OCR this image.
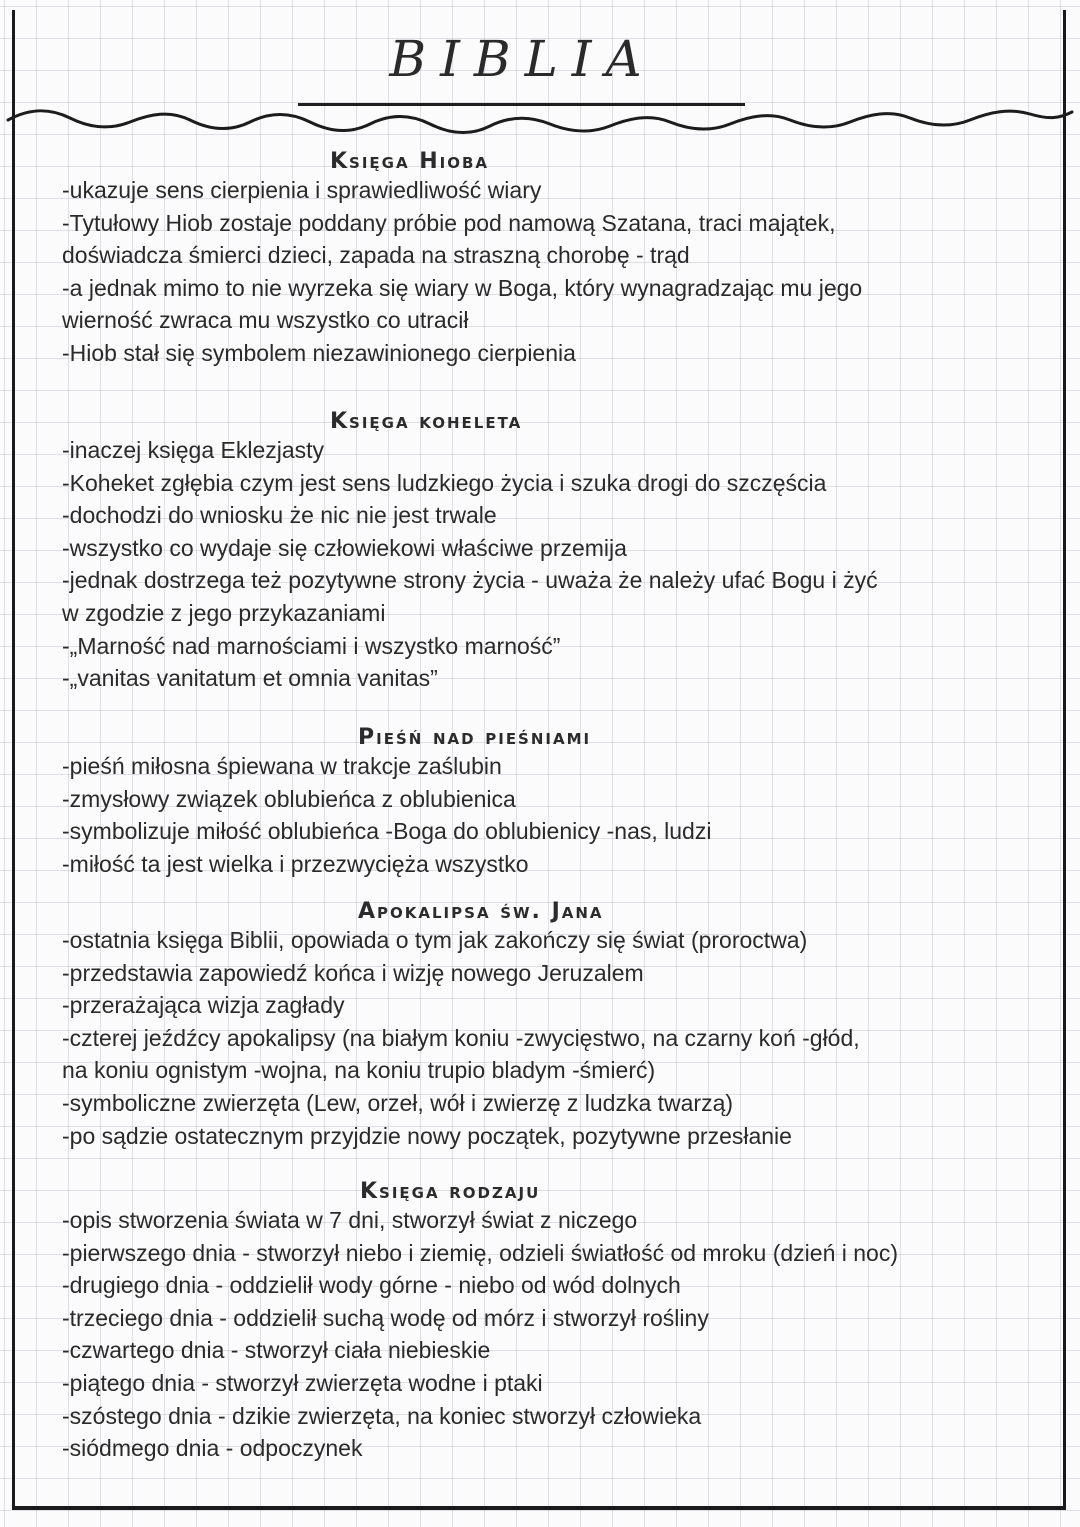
BIBLIA
Księga Hioba
-ukazuje sens cierpienia i sprawiedliwość wiary
-Tytułowy Hiob zostaje poddany próbie pod namową Szatana, traci majątek,
doświadcza śmierci dzieci, zapada na straszną chorobę - trąd
-a jednak mimo to nie wyrzeka się wiary w Boga, który wynagradzając mu jego
wierność zwraca mu wszystko co utracił
-Hiob stał się symbolem niezawinionego cierpienia
Księga koheleta
-inaczej księga Eklezjasty
-Koheket zgłębia czym jest sens ludzkiego życia i szuka drogi do szczęścia
-dochodzi do wniosku że nic nie jest trwale
-wszystko co wydaje się człowiekowi właściwe przemija
-jednak dostrzega też pozytywne strony życia - uważa że należy ufać Bogu i żyć
w zgodzie z jego przykazaniami
-„Marność nad marnościami i wszystko marność”
-„vanitas vanitatum et omnia vanitas”
Pieśń nad pieśniami
-pieśń miłosna śpiewana w trakcje zaślubin
-zmysłowy związek oblubieńca z oblubienica
-symbolizuje miłość oblubieńca -Boga do oblubienicy -nas, ludzi
-miłość ta jest wielka i przezwycięża wszystko
Apokalipsa św. Jana
-ostatnia księga Biblii, opowiada o tym jak zakończy się świat (proroctwa)
-przedstawia zapowiedź końca i wizję nowego Jeruzalem
-przerażająca wizja zagłady
-czterej jeźdźcy apokalipsy (na białym koniu -zwycięstwo, na czarny koń -głód,
na koniu ognistym -wojna, na koniu trupio bladym -śmierć)
-symboliczne zwierzęta (Lew, orzeł, wół i zwierzę z ludzka twarzą)
-po sądzie ostatecznym przyjdzie nowy początek, pozytywne przesłanie
Księga rodzaju
-opis stworzenia świata w 7 dni, stworzył świat z niczego
-pierwszego dnia - stworzył niebo i ziemię, odzieli światłość od mroku (dzień i noc)
-drugiego dnia - oddzielił wody górne - niebo od wód dolnych
-trzeciego dnia - oddzielił suchą wodę od mórz i stworzył rośliny
-czwartego dnia - stworzył ciała niebieskie
-piątego dnia - stworzył zwierzęta wodne i ptaki
-szóstego dnia - dzikie zwierzęta, na koniec stworzył człowieka
-siódmego dnia - odpoczynek
